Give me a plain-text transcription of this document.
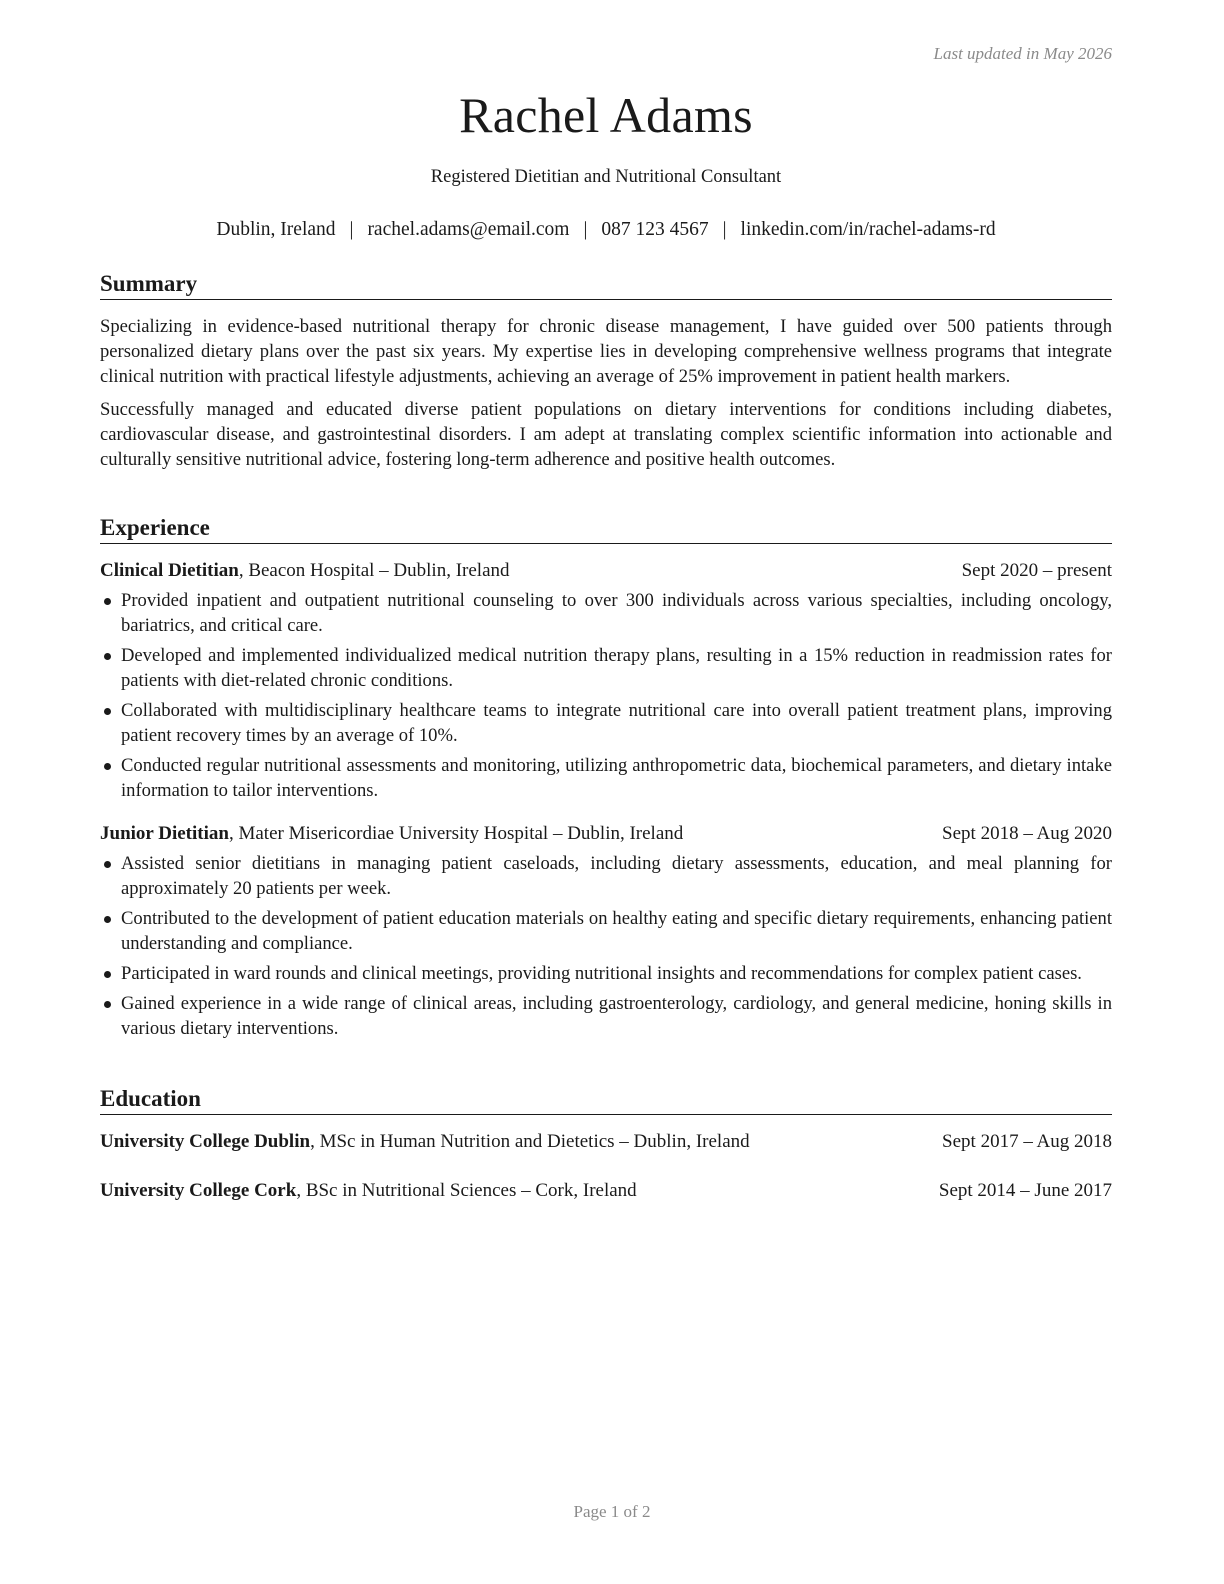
Last updated in May 2026
Rachel Adams
Registered Dietitian and Nutritional Consultant
Dublin, Ireland | rachel.adams@email.com | 087 123 4567 | linkedin.com/in/rachel-adams-rd
Summary

Specializing in evidence-based nutritional therapy for chronic disease management, I have guided over 500 patients through personalized dietary plans over the past six years. My expertise lies in developing comprehensive wellness programs that integrate clinical nutrition with practical lifestyle adjustments, achieving an average of 25% improvement in patient health markers.

Successfully managed and educated diverse patient populations on dietary interventions for conditions including diabetes, cardiovascular disease, and gastrointestinal disorders. I am adept at translating complex scientific information into actionable and culturally sensitive nutritional advice, fostering long-term adherence and positive health outcomes.

Experience
Clinical Dietitian, Beacon Hospital – Dublin, Ireland	Sept 2020 – present
Provided inpatient and outpatient nutritional counseling to over 300 individuals across various specialties, including oncology, bariatrics, and critical care.
Developed and implemented individualized medical nutrition therapy plans, resulting in a 15% reduction in readmission rates for patients with diet-related chronic conditions.
Collaborated with multidisciplinary healthcare teams to integrate nutritional care into overall patient treatment plans, improving patient recovery times by an average of 10%.
Conducted regular nutritional assessments and monitoring, utilizing anthropometric data, biochemical parameters, and dietary intake information to tailor interventions.
Junior Dietitian, Mater Misericordiae University Hospital – Dublin, Ireland	Sept 2018 – Aug 2020
Assisted senior dietitians in managing patient caseloads, including dietary assessments, education, and meal planning for approximately 20 patients per week.
Contributed to the development of patient education materials on healthy eating and specific dietary requirements, enhancing patient understanding and compliance.
Participated in ward rounds and clinical meetings, providing nutritional insights and recommendations for complex patient cases.
Gained experience in a wide range of clinical areas, including gastroenterology, cardiology, and general medicine, honing skills in various dietary interventions.
Education
University College Dublin, MSc in Human Nutrition and Dietetics – Dublin, Ireland	Sept 2017 – Aug 2018
University College Cork, BSc in Nutritional Sciences – Cork, Ireland	Sept 2014 – June 2017
Page 1 of 2
